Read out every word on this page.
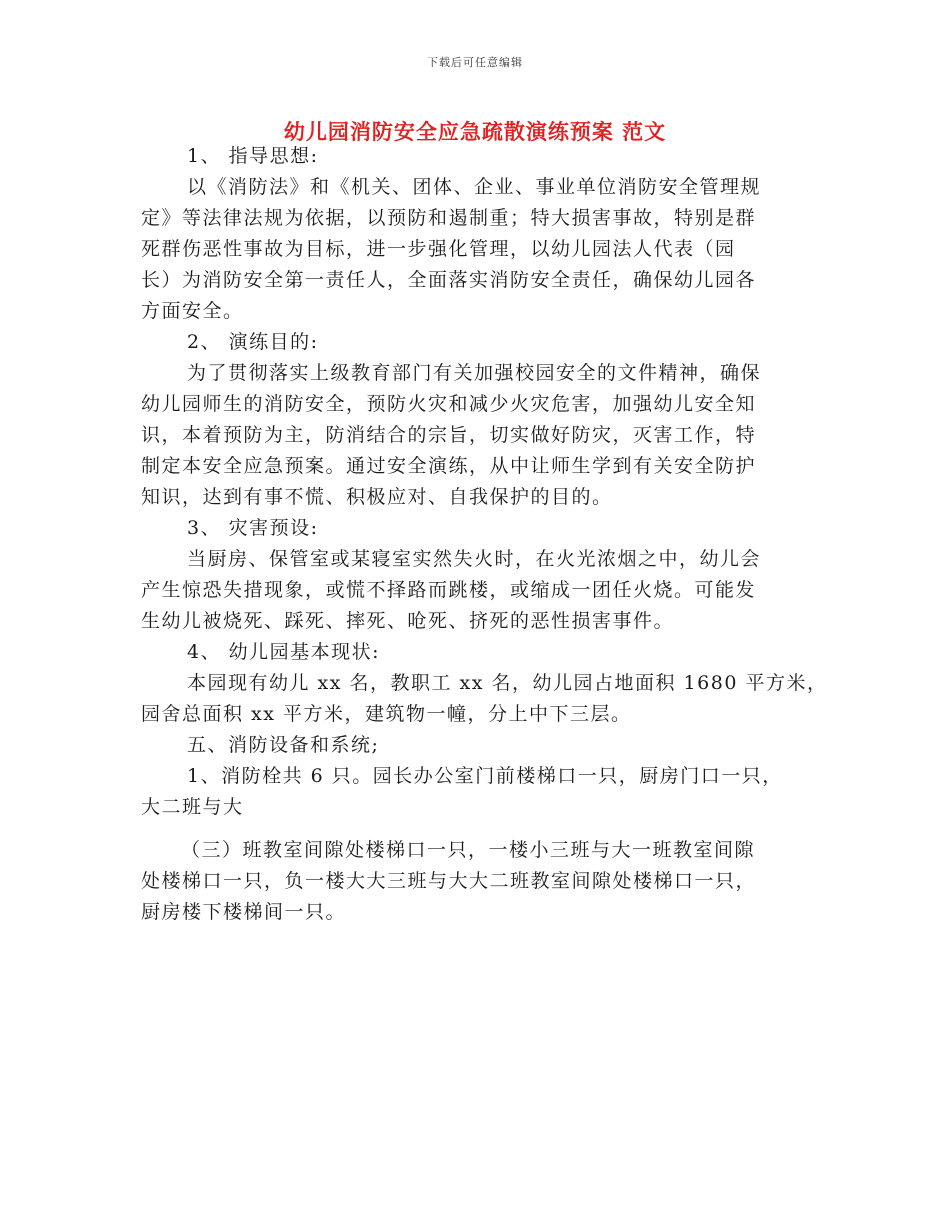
下载后可任意编辑
幼儿园消防安全应急疏散演练预案 范文
1、 指导思想:
以《消防法》和《机关、团体、企业、事业单位消防安全管理规
定》等法律法规为依据，以预防和遏制重；特大损害事故，特别是群
死群伤恶性事故为目标，进一步强化管理，以幼儿园法人代表（园
长）为消防安全第一责任人，全面落实消防安全责任，确保幼儿园各
方面安全。
2、 演练目的:
为了贯彻落实上级教育部门有关加强校园安全的文件精神，确保
幼儿园师生的消防安全，预防火灾和减少火灾危害，加强幼儿安全知
识，本着预防为主，防消结合的宗旨，切实做好防灾，灭害工作，特
制定本安全应急预案。通过安全演练，从中让师生学到有关安全防护
知识，达到有事不慌、积极应对、自我保护的目的。
3、 灾害预设:
当厨房、保管室或某寝室实然失火时，在火光浓烟之中，幼儿会
产生惊恐失措现象，或慌不择路而跳楼，或缩成一团任火烧。可能发
生幼儿被烧死、踩死、摔死、呛死、挤死的恶性损害事件。
4、 幼儿园基本现状:
本园现有幼儿 xx 名，教职工 xx 名，幼儿园占地面积 1680 平方米，
园舍总面积 xx 平方米，建筑物一幢，分上中下三层。
五、消防设备和系统;
1、消防栓共 6 只。园长办公室门前楼梯口一只，厨房门口一只，
大二班与大
（三）班教室间隙处楼梯口一只，一楼小三班与大一班教室间隙
处楼梯口一只，负一楼大大三班与大大二班教室间隙处楼梯口一只，
厨房楼下楼梯间一只。
